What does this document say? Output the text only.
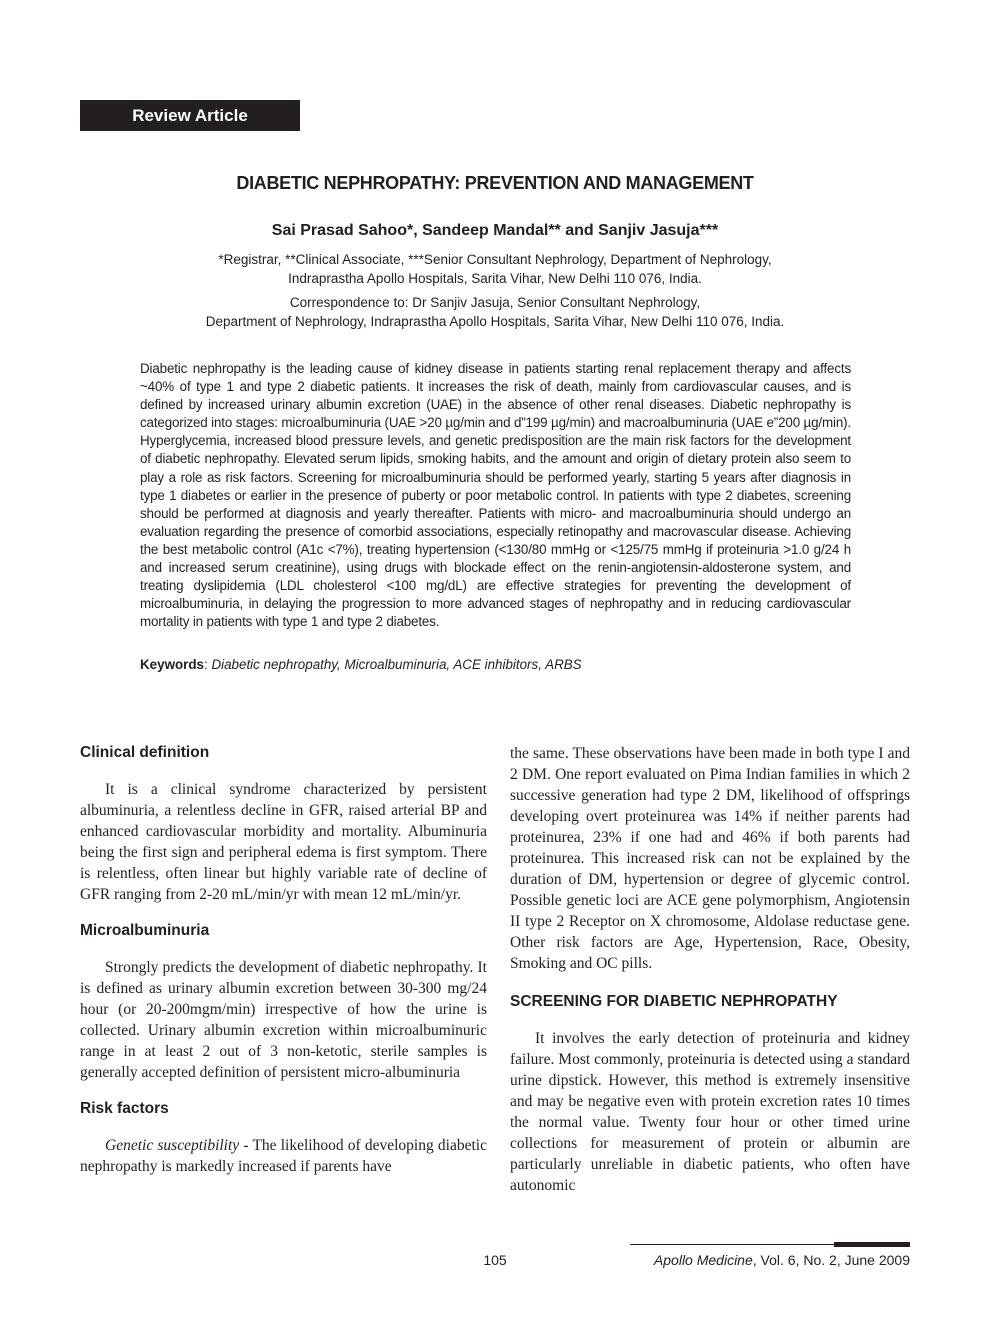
Review Article
DIABETIC NEPHROPATHY: PREVENTION AND MANAGEMENT
Sai Prasad Sahoo*, Sandeep Mandal** and Sanjiv Jasuja***
*Registrar, **Clinical Associate, ***Senior Consultant Nephrology, Department of Nephrology,
Indraprastha Apollo Hospitals, Sarita Vihar, New Delhi 110 076, India.
Correspondence to: Dr Sanjiv Jasuja, Senior Consultant Nephrology,
Department of Nephrology, Indraprastha Apollo Hospitals, Sarita Vihar, New Delhi 110 076, India.
Diabetic nephropathy is the leading cause of kidney disease in patients starting renal replacement therapy and affects ~40% of type 1 and type 2 diabetic patients. It increases the risk of death, mainly from cardiovascular causes, and is defined by increased urinary albumin excretion (UAE) in the absence of other renal diseases. Diabetic nephropathy is categorized into stages: microalbuminuria (UAE >20 µg/min and d”199 µg/min) and macroalbuminuria (UAE e”200 µg/min). Hyperglycemia, increased blood pressure levels, and genetic predisposition are the main risk factors for the development of diabetic nephropathy. Elevated serum lipids, smoking habits, and the amount and origin of dietary protein also seem to play a role as risk factors. Screening for microalbuminuria should be performed yearly, starting 5 years after diagnosis in type 1 diabetes or earlier in the presence of puberty or poor metabolic control. In patients with type 2 diabetes, screening should be performed at diagnosis and yearly thereafter. Patients with micro- and macroalbuminuria should undergo an evaluation regarding the presence of comorbid associations, especially retinopathy and macrovascular disease. Achieving the best metabolic control (A1c <7%), treating hypertension (<130/80 mmHg or <125/75 mmHg if proteinuria >1.0 g/24 h and increased serum creatinine), using drugs with blockade effect on the renin-angiotensin-aldosterone system, and treating dyslipidemia (LDL cholesterol <100 mg/dL) are effective strategies for preventing the development of microalbuminuria, in delaying the progression to more advanced stages of nephropathy and in reducing cardiovascular mortality in patients with type 1 and type 2 diabetes.
Keywords: Diabetic nephropathy, Microalbuminuria, ACE inhibitors, ARBS
Clinical definition

It is a clinical syndrome characterized by persistent albuminuria, a relentless decline in GFR, raised arterial BP and enhanced cardiovascular morbidity and mortality. Albuminuria being the first sign and peripheral edema is first symptom. There is relentless, often linear but highly variable rate of decline of GFR ranging from 2-20 mL/min/yr with mean 12 mL/min/yr.

Microalbuminuria

Strongly predicts the development of diabetic nephropathy. It is defined as urinary albumin excretion between 30-300 mg/24 hour (or 20-200mgm/min) irrespective of how the urine is collected. Urinary albumin excretion within microalbuminuric range in at least 2 out of 3 non-ketotic, sterile samples is generally accepted definition of persistent micro-albuminuria

Risk factors

Genetic susceptibility - The likelihood of developing diabetic nephropathy is markedly increased if parents have

the same. These observations have been made in both type I and 2 DM. One report evaluated on Pima Indian families in which 2 successive generation had type 2 DM, likelihood of offsprings developing overt proteinurea was 14% if neither parents had proteinurea, 23% if one had and 46% if both parents had proteinurea. This increased risk can not be explained by the duration of DM, hypertension or degree of glycemic control. Possible genetic loci are ACE gene polymorphism, Angiotensin II type 2 Receptor on X chromosome, Aldolase reductase gene. Other risk factors are Age, Hypertension, Race, Obesity, Smoking and OC pills.

SCREENING FOR DIABETIC NEPHROPATHY

It involves the early detection of proteinuria and kidney failure. Most commonly, proteinuria is detected using a standard urine dipstick. However, this method is extremely insensitive and may be negative even with protein excretion rates 10 times the normal value. Twenty four hour or other timed urine collections for measurement of protein or albumin are particularly unreliable in diabetic patients, who often have autonomic

105	Apollo Medicine, Vol. 6, No. 2, June 2009
